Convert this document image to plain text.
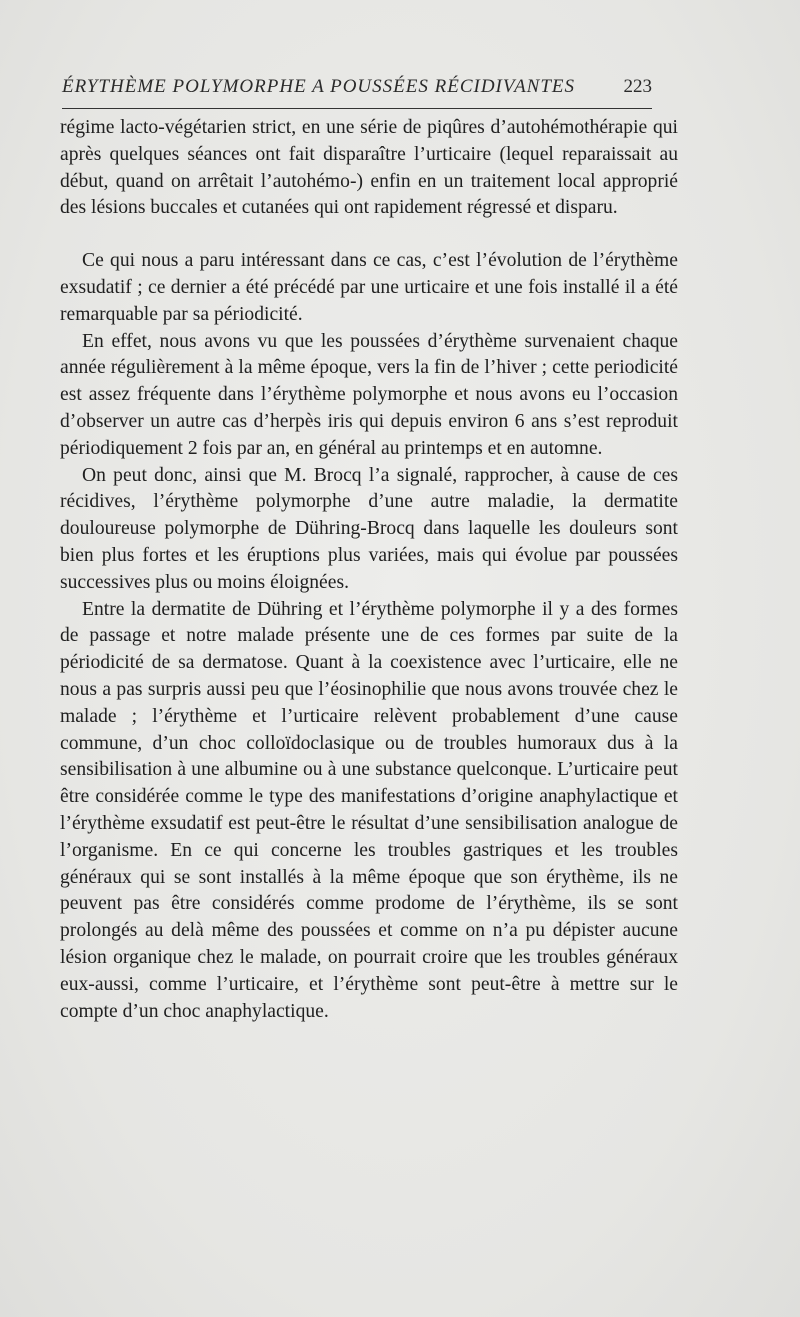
ÉRYTHÈME POLYMORPHE A POUSSÉES RÉCIDIVANTES	223

régime lacto-végétarien strict, en une série de piqûres d’autohémothérapie qui après quelques séances ont fait disparaître l’urticaire (lequel reparaissait au début, quand on arrêtait l’autohémo-) enfin en un traitement local approprié des lésions buccales et cutanées qui ont rapidement régressé et disparu.

Ce qui nous a paru intéressant dans ce cas, c’est l’évolution de l’érythème exsudatif ; ce dernier a été précédé par une urticaire et une fois installé il a été remarquable par sa périodicité.

En effet, nous avons vu que les poussées d’érythème survenaient chaque année régulièrement à la même époque, vers la fin de l’hiver ; cette periodicité est assez fréquente dans l’érythème polymorphe et nous avons eu l’occasion d’observer un autre cas d’herpès iris qui depuis environ 6 ans s’est reproduit périodiquement 2 fois par an, en général au printemps et en automne.

On peut donc, ainsi que M. Brocq l’a signalé, rapprocher, à cause de ces récidives, l’érythème polymorphe d’une autre maladie, la dermatite douloureuse polymorphe de Dühring-Brocq dans laquelle les douleurs sont bien plus fortes et les éruptions plus variées, mais qui évolue par poussées successives plus ou moins éloignées.

Entre la dermatite de Dühring et l’érythème polymorphe il y a des formes de passage et notre malade présente une de ces formes par suite de la périodicité de sa dermatose. Quant à la coexistence avec l’urticaire, elle ne nous a pas surpris aussi peu que l’éosinophilie que nous avons trouvée chez le malade ; l’érythème et l’urticaire relèvent probablement d’une cause commune, d’un choc colloïdoclasique ou de troubles humoraux dus à la sensibilisation à une albumine ou à une substance quelconque. L’urticaire peut être considérée comme le type des manifestations d’origine anaphylactique et l’érythème exsudatif est peut-être le résultat d’une sensibilisation analogue de l’organisme. En ce qui concerne les troubles gastriques et les troubles généraux qui se sont installés à la même époque que son érythème, ils ne peuvent pas être considérés comme prodome de l’érythème, ils se sont prolongés au delà même des poussées et comme on n’a pu dépister aucune lésion organique chez le malade, on pourrait croire que les troubles généraux eux-aussi, comme l’urticaire, et l’érythème sont peut-être à mettre sur le compte d’un choc anaphylactique.
